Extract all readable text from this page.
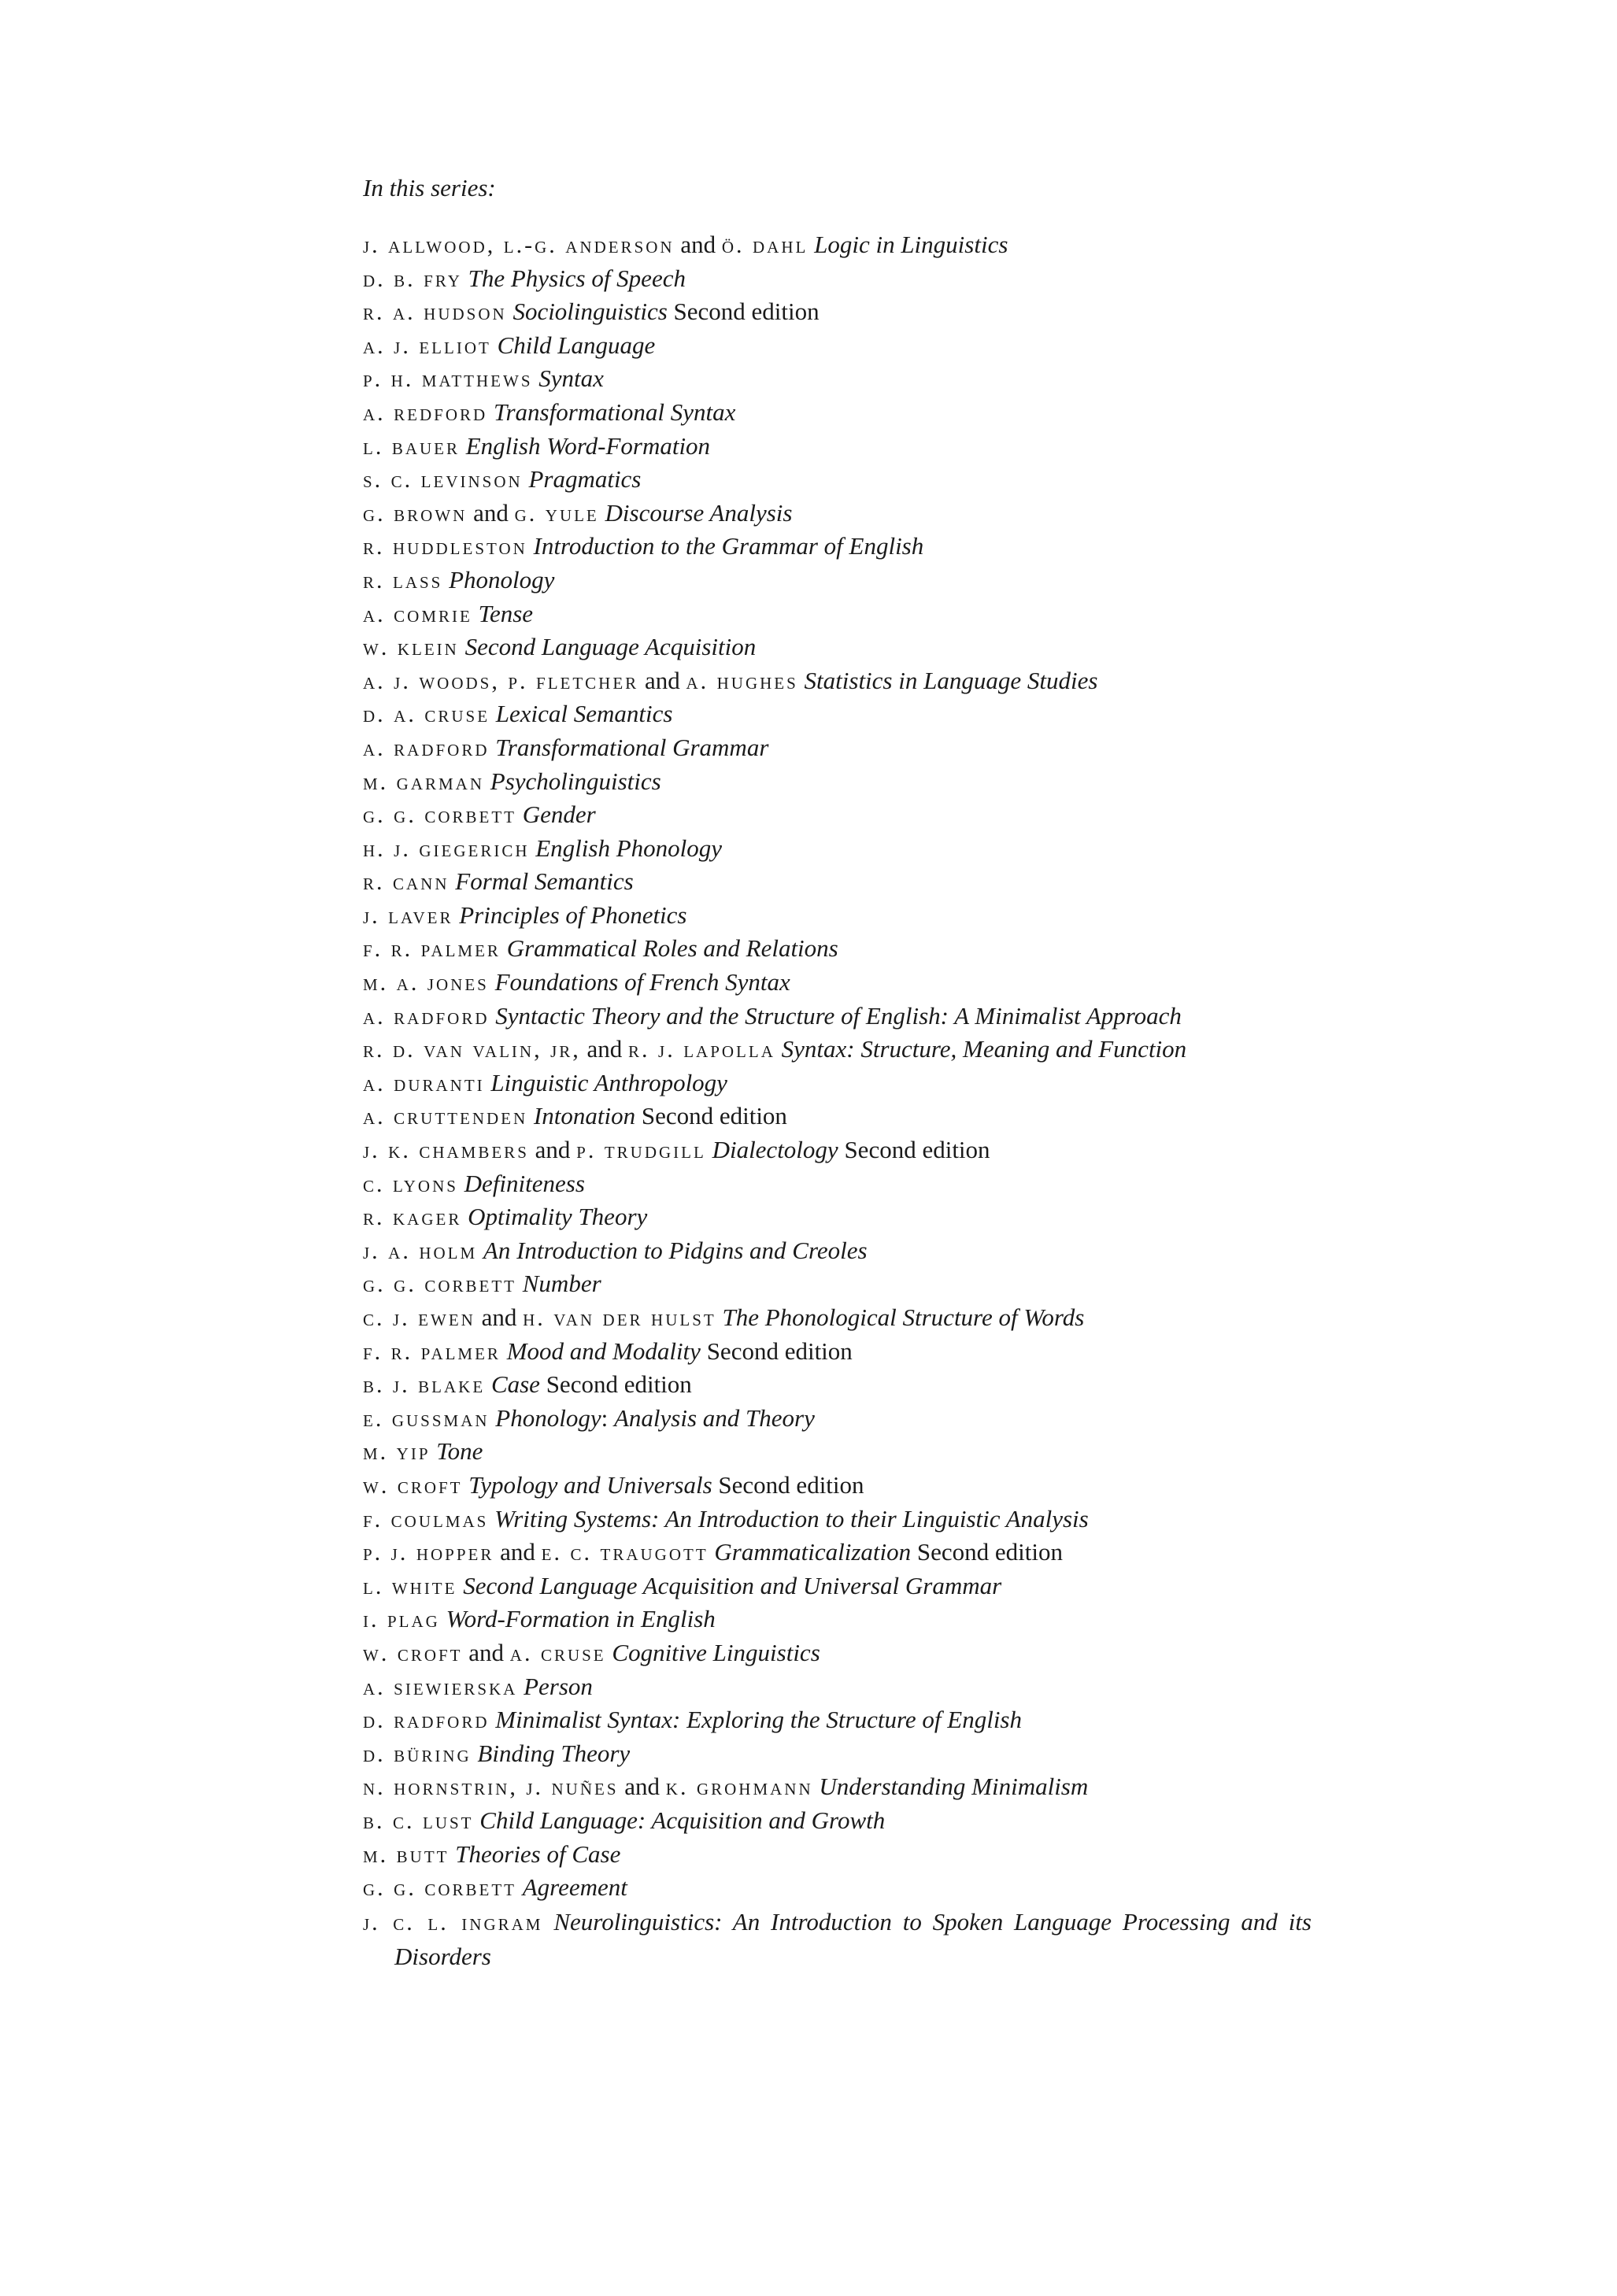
In this series:
j. allwood, l.-g. anderson and ö. dahl Logic in Linguistics
d. b. fry The Physics of Speech
r. a. hudson Sociolinguistics Second edition
a. j. elliot Child Language
p. h. matthews Syntax
a. redford Transformational Syntax
l. bauer English Word-Formation
s. c. levinson Pragmatics
g. brown and g. yule Discourse Analysis
r. huddleston Introduction to the Grammar of English
r. lass Phonology
a. comrie Tense
w. klein Second Language Acquisition
a. j. woods, p. fletcher and a. hughes Statistics in Language Studies
d. a. cruse Lexical Semantics
a. radford Transformational Grammar
m. garman Psycholinguistics
g. g. corbett Gender
h. j. giegerich English Phonology
r. cann Formal Semantics
j. laver Principles of Phonetics
f. r. palmer Grammatical Roles and Relations
m. a. jones Foundations of French Syntax
a. radford Syntactic Theory and the Structure of English: A Minimalist Approach
r. d. van valin, jr, and r. j. lapolla Syntax: Structure, Meaning and Function
a. duranti Linguistic Anthropology
a. cruttenden Intonation Second edition
j. k. chambers and p. trudgill Dialectology Second edition
c. lyons Definiteness
r. kager Optimality Theory
j. a. holm An Introduction to Pidgins and Creoles
g. g. corbett Number
c. j. ewen and h. van der hulst The Phonological Structure of Words
f. r. palmer Mood and Modality Second edition
b. j. blake Case Second edition
e. gussman Phonology: Analysis and Theory
m. yip Tone
w. croft Typology and Universals Second edition
f. coulmas Writing Systems: An Introduction to their Linguistic Analysis
p. j. hopper and e. c. traugott Grammaticalization Second edition
l. white Second Language Acquisition and Universal Grammar
i. plag Word-Formation in English
w. croft and a. cruse Cognitive Linguistics
a. siewierska Person
d. radford Minimalist Syntax: Exploring the Structure of English
d. büring Binding Theory
n. hornstrin, j. nuñes and k. grohmann Understanding Minimalism
b. c. lust Child Language: Acquisition and Growth
m. butt Theories of Case
g. g. corbett Agreement
j. c. l. ingram Neurolinguistics: An Introduction to Spoken Language Processing and its Disorders
